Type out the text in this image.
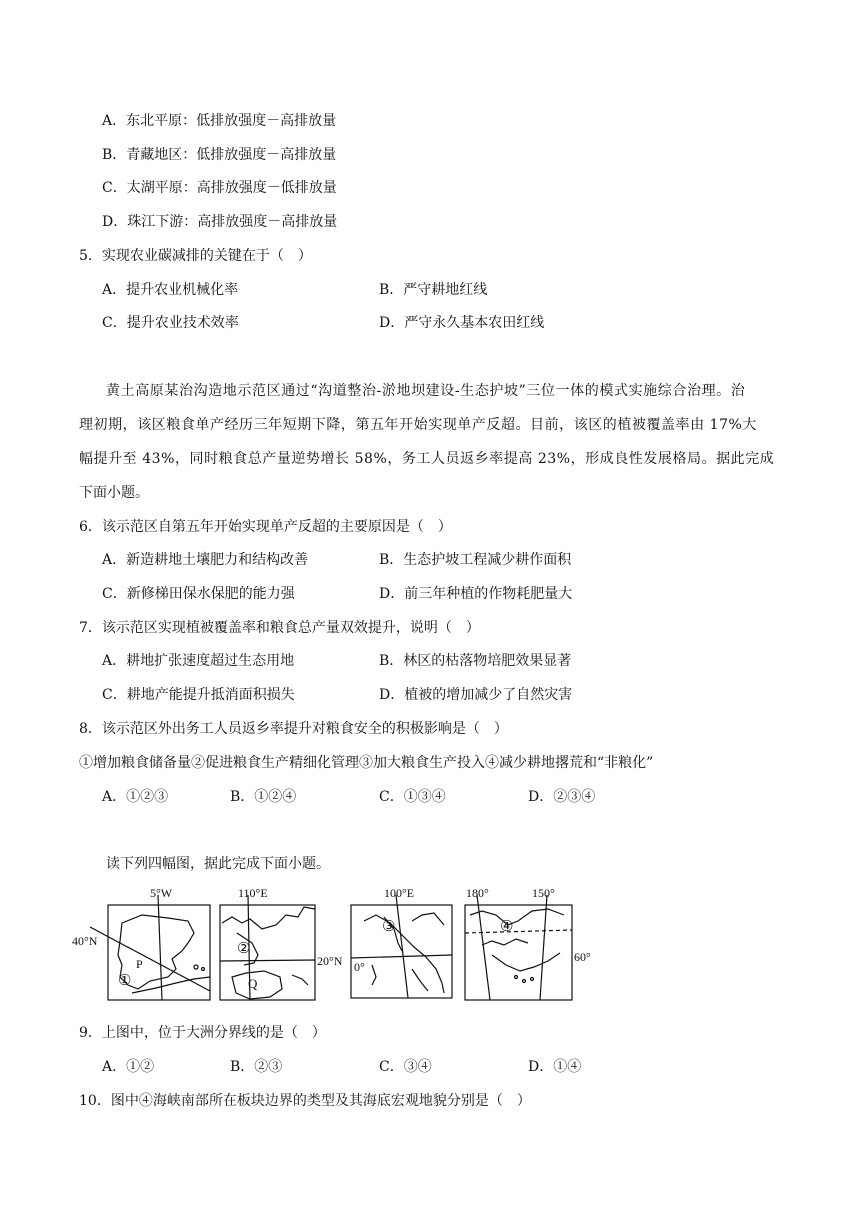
A．东北平原：低排放强度－高排放量
B．青藏地区：低排放强度－高排放量
C．太湖平原：高排放强度－低排放量
D．珠江下游：高排放强度－高排放量
5．实现农业碳减排的关键在于（　）
A．提升农业机械化率	B．严守耕地红线
C．提升农业技术效率	D．严守永久基本农田红线
黄土高原某治沟造地示范区通过“沟道整治-淤地坝建设-生态护坡”三位一体的模式实施综合治理。治
理初期，该区粮食单产经历三年短期下降，第五年开始实现单产反超。目前，该区的植被覆盖率由 17%大
幅提升至 43%，同时粮食总产量逆势增长 58%，务工人员返乡率提高 23%，形成良性发展格局。据此完成
下面小题。
6．该示范区自第五年开始实现单产反超的主要原因是（　）
A．新造耕地土壤肥力和结构改善	B．生态护坡工程减少耕作面积
C．新修梯田保水保肥的能力强	D．前三年种植的作物耗肥量大
7．该示范区实现植被覆盖率和粮食总产量双效提升，说明（　）
A．耕地扩张速度超过生态用地	B．林区的枯落物培肥效果显著
C．耕地产能提升抵消面积损失	D．植被的增加减少了自然灾害
8．该示范区外出务工人员返乡率提升对粮食安全的积极影响是（　）
①增加粮食储备量②促进粮食生产精细化管理③加大粮食生产投入④减少耕地撂荒和“非粮化”
A．①②③	B．①②④	C．①③④	D．②③④
读下列四幅图，据此完成下面小题。
5°W
40°N
P
①
110°E
20°N
Q
②
100°E
0°
③
180°	150°
60°
④
9．上图中，位于大洲分界线的是（　）
A．①②	B．②③	C．③④	D．①④
10．图中④海峡南部所在板块边界的类型及其海底宏观地貌分别是（　）
